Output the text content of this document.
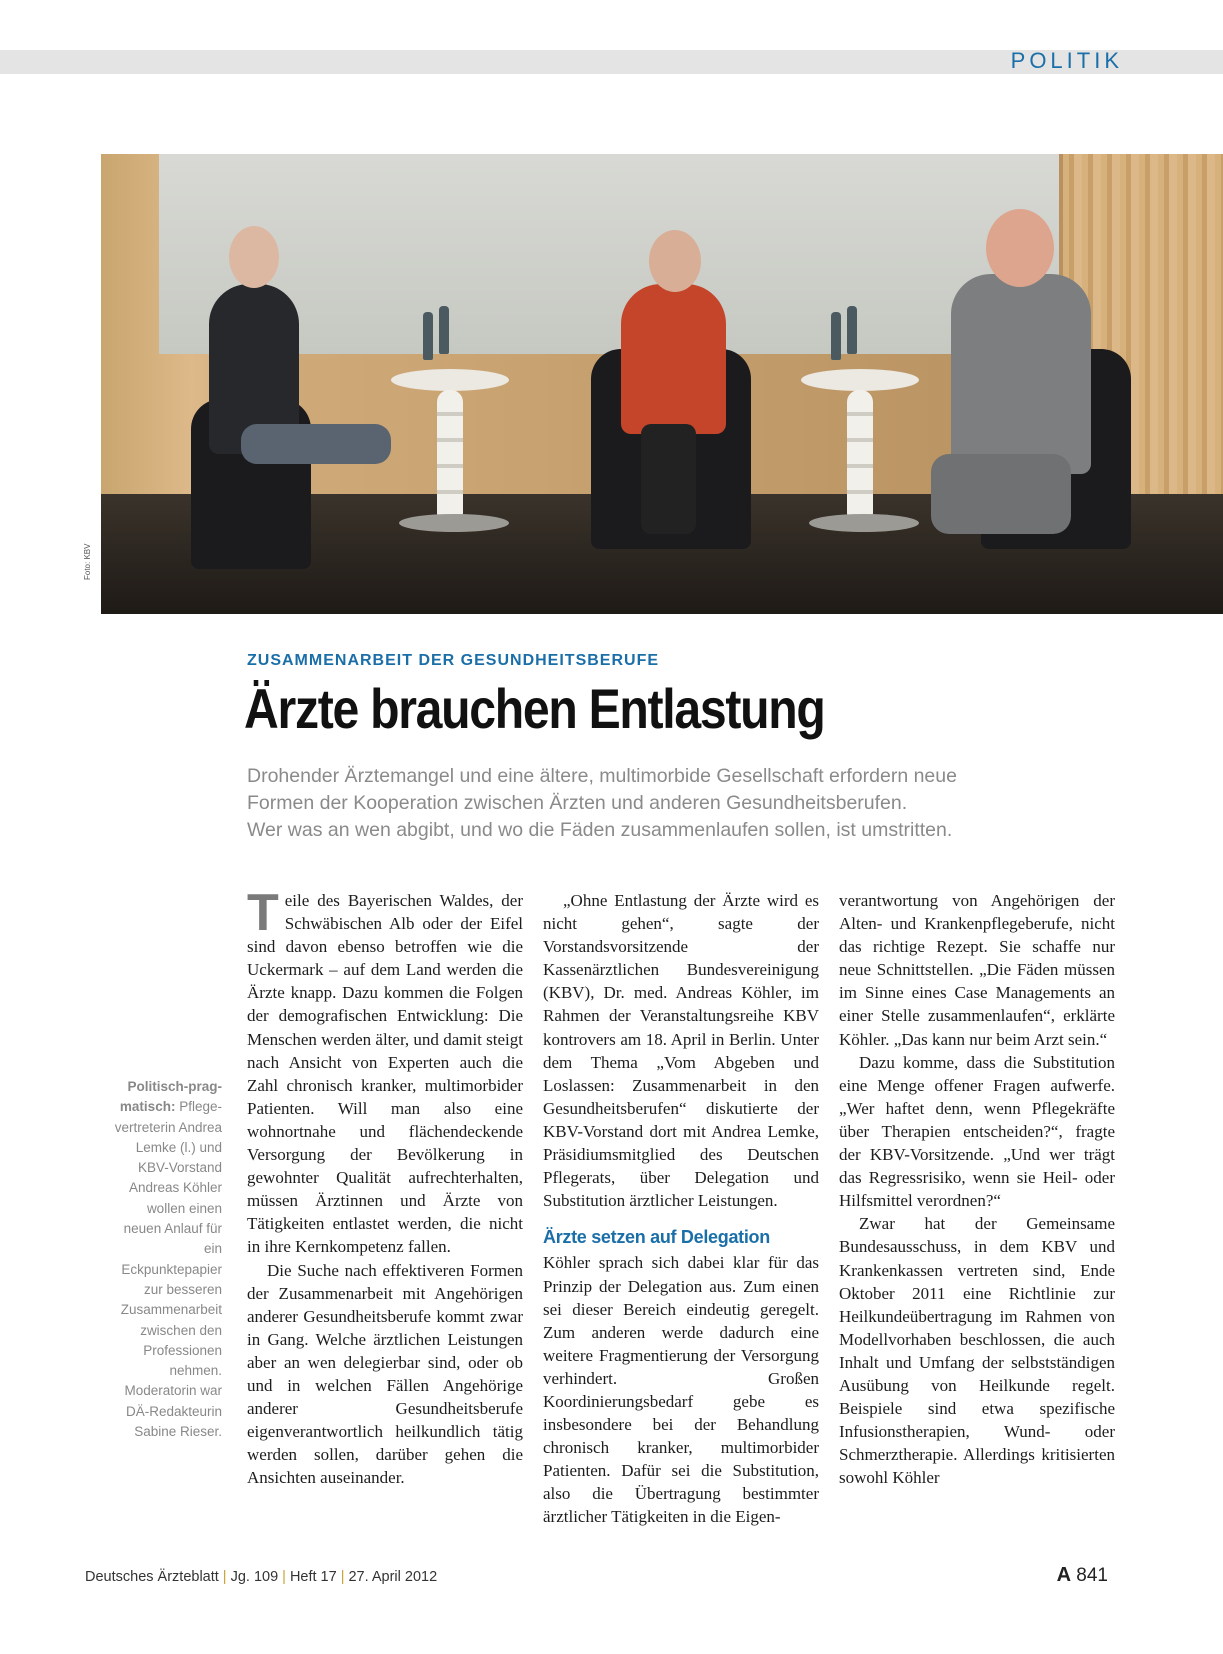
POLITIK
Foto: KBV
ZUSAMMENARBEIT DER GESUNDHEITSBERUFE
Ärzte brauchen Entlastung
Drohender Ärztemangel und eine ältere, multimorbide Gesellschaft erfordern neue
Formen der Kooperation zwischen Ärzten und anderen Gesundheitsberufen.
Wer was an wen abgibt, und wo die Fäden zusammenlaufen sollen, ist umstritten.
Politisch-prag-matisch: Pflege-vertreterin Andrea Lemke (l.) und KBV-Vorstand Andreas Köhler wollen einen neuen Anlauf für ein Eckpunktepapier zur besseren Zusammenarbeit zwischen den Professionen nehmen. Moderatorin war DÄ-Redakteurin Sabine Rieser.

Teile des Bayerischen Waldes, der Schwäbischen Alb oder der Eifel sind davon ebenso betroffen wie die Uckermark – auf dem Land werden die Ärzte knapp. Dazu kommen die Folgen der demografischen Entwicklung: Die Menschen werden älter, und damit steigt nach Ansicht von Experten auch die Zahl chronisch kranker, multimorbider Patienten. Will man also eine wohnortnahe und flächendeckende Versorgung der Bevölkerung in gewohnter Qualität aufrechterhalten, müssen Ärztinnen und Ärzte von Tätigkeiten entlastet werden, die nicht in ihre Kernkompetenz fallen.

Die Suche nach effektiveren Formen der Zusammenarbeit mit Angehörigen anderer Gesundheitsberufe kommt zwar in Gang. Welche ärztlichen Leistungen aber an wen delegierbar sind, oder ob und in welchen Fällen Angehörige anderer Gesundheitsberufe eigenverantwortlich heilkundlich tätig werden sollen, darüber gehen die Ansichten auseinander.

„Ohne Entlastung der Ärzte wird es nicht gehen“, sagte der Vorstandsvorsitzende der Kassenärztlichen Bundesvereinigung (KBV), Dr. med. Andreas Köhler, im Rahmen der Veranstaltungsreihe KBV kontrovers am 18. April in Berlin. Unter dem Thema „Vom Abgeben und Loslassen: Zusammenarbeit in den Gesundheitsberufen“ diskutierte der KBV-Vorstand dort mit Andrea Lemke, Präsidiumsmitglied des Deutschen Pflegerats, über Delegation und Substitution ärztlicher Leistungen.

Ärzte setzen auf Delegation

Köhler sprach sich dabei klar für das Prinzip der Delegation aus. Zum einen sei dieser Bereich eindeutig geregelt. Zum anderen werde dadurch eine weitere Fragmentierung der Versorgung verhindert. Großen Koordinierungsbedarf gebe es insbesondere bei der Behandlung chronisch kranker, multimorbider Patienten. Dafür sei die Substitution, also die Übertragung bestimmter ärztlicher Tätigkeiten in die Eigen-

verantwortung von Angehörigen der Alten- und Krankenpflegeberufe, nicht das richtige Rezept. Sie schaffe nur neue Schnittstellen. „Die Fäden müssen im Sinne eines Case Managements an einer Stelle zusammenlaufen“, erklärte Köhler. „Das kann nur beim Arzt sein.“

Dazu komme, dass die Substitution eine Menge offener Fragen aufwerfe. „Wer haftet denn, wenn Pflegekräfte über Therapien entscheiden?“, fragte der KBV-Vorsitzende. „Und wer trägt das Regressrisiko, wenn sie Heil- oder Hilfsmittel verordnen?“

Zwar hat der Gemeinsame Bundesausschuss, in dem KBV und Krankenkassen vertreten sind, Ende Oktober 2011 eine Richtlinie zur Heilkundeübertragung im Rahmen von Modellvorhaben beschlossen, die auch Inhalt und Umfang der selbstständigen Ausübung von Heilkunde regelt. Beispiele sind etwa spezifische Infusionstherapien, Wund- oder Schmerztherapie. Allerdings kritisierten sowohl Köhler

Deutsches Ärzteblatt | Jg. 109 | Heft 17 | 27. April 2012	A 841
